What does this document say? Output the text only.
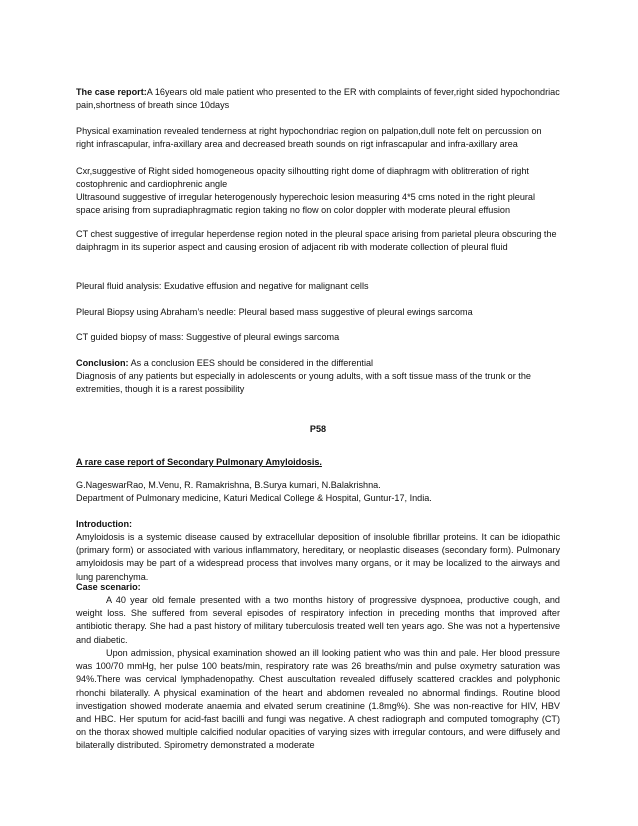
The case report:A 16years old male patient who presented to the ER with complaints of fever,right sided hypochondriac pain,shortness of breath since 10days

Physical examination revealed tenderness at right hypochondriac region on palpation,dull note felt on percussion on right infrascapular, infra-axillary area and decreased breath sounds on rigt infrascapular and infra-axillary area

Cxr,suggestive of Right sided homogeneous opacity silhoutting right dome of diaphragm with oblitreration of right costophrenic and cardiophrenic angle

Ultrasound suggestive of irregular heterogenously hyperechoic lesion measuring 4*5 cms noted in the right pleural space arising from supradiaphragmatic region taking no flow on color doppler with moderate pleural effusion

CT chest suggestive of irregular heperdense region noted in the pleural space arising from parietal pleura obscuring the daiphragm in its superior aspect and causing erosion of adjacent rib with moderate collection of pleural fluid

Pleural fluid analysis: Exudative effusion and negative for malignant cells

Pleural Biopsy using Abraham’s needle: Pleural based mass suggestive of pleural ewings sarcoma

CT guided biopsy of mass: Suggestive of pleural ewings sarcoma

Conclusion: As a conclusion EES should be considered in the differential
Diagnosis of any patients but especially in adolescents or young adults, with a soft tissue mass of the trunk or the extremities, though it is a rarest possibility

P58

A rare case report of Secondary Pulmonary Amyloidosis.

G.NageswarRao, M.Venu, R. Ramakrishna, B.Surya kumari, N.Balakrishna.

Department of Pulmonary medicine, Katuri Medical College & Hospital, Guntur-17, India.

Introduction:

Amyloidosis is a systemic disease caused by extracellular deposition of insoluble fibrillar proteins. It can be idiopathic (primary form) or associated with various inflammatory, hereditary, or neoplastic diseases (secondary form). Pulmonary amyloidosis may be part of a widespread process that involves many organs, or it may be localized to the airways and lung parenchyma.

Case scenario:

A 40 year old female presented with a two months history of progressive dyspnoea, productive cough, and weight loss. She suffered from several episodes of respiratory infection in preceding months that improved after antibiotic therapy. She had a past history of military tuberculosis treated well ten years ago. She was not a hypertensive and diabetic.

Upon admission, physical examination showed an ill looking patient who was thin and pale. Her blood pressure was 100/70 mmHg, her pulse 100 beats/min, respiratory rate was 26 breaths/min and pulse oxymetry saturation was 94%.There was cervical lymphadenopathy. Chest auscultation revealed diffusely scattered crackles and polyphonic rhonchi bilaterally. A physical examination of the heart and abdomen revealed no abnormal findings. Routine blood investigation showed moderate anaemia and elvated serum creatinine (1.8mg%). She was non-reactive for HIV, HBV and HBC. Her sputum for acid-fast bacilli and fungi was negative. A chest radiograph and computed tomography (CT) on the thorax showed multiple calcified nodular opacities of varying sizes with irregular contours, and were diffusely and bilaterally distributed. Spirometry demonstrated a moderate
